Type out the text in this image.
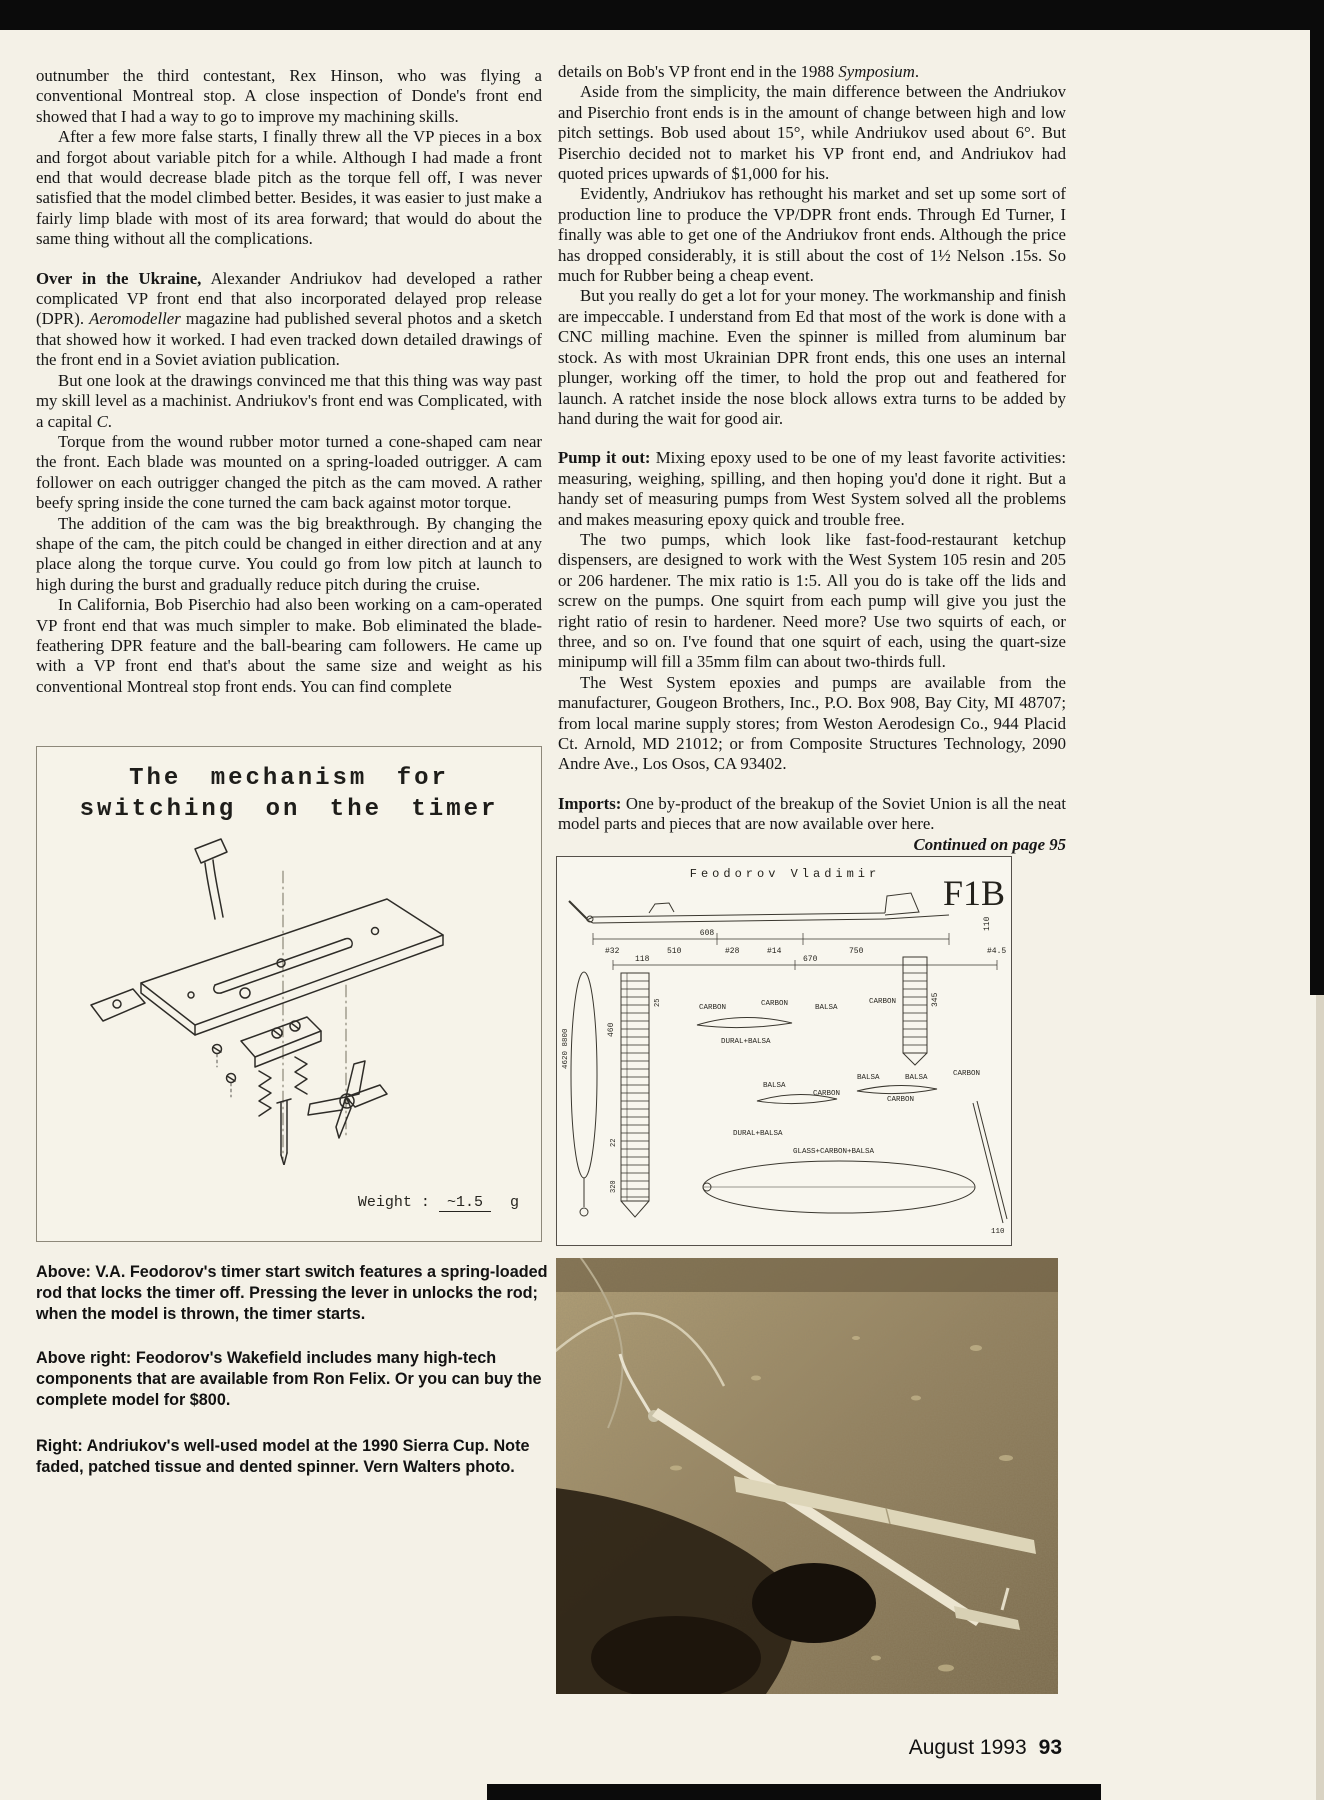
outnumber the third contestant, Rex Hinson, who was flying a conventional Montreal stop. A close inspection of Donde's front end showed that I had a way to go to improve my machining skills.

After a few more false starts, I finally threw all the VP pieces in a box and forgot about variable pitch for a while. Although I had made a front end that would decrease blade pitch as the torque fell off, I was never satisfied that the model climbed better. Besides, it was easier to just make a fairly limp blade with most of its area forward; that would do about the same thing without all the complications.

Over in the Ukraine, Alexander Andriukov had developed a rather complicated VP front end that also incorporated delayed prop release (DPR). Aeromodeller magazine had published several photos and a sketch that showed how it worked. I had even tracked down detailed drawings of the front end in a Soviet aviation publication.

But one look at the drawings convinced me that this thing was way past my skill level as a machinist. Andriukov's front end was Complicated, with a capital C.

Torque from the wound rubber motor turned a cone-shaped cam near the front. Each blade was mounted on a spring-loaded outrigger. A cam follower on each outrigger changed the pitch as the cam moved. A rather beefy spring inside the cone turned the cam back against motor torque.

The addition of the cam was the big breakthrough. By changing the shape of the cam, the pitch could be changed in either direction and at any place along the torque curve. You could go from low pitch at launch to high during the burst and gradually reduce pitch during the cruise.

In California, Bob Piserchio had also been working on a cam-operated VP front end that was much simpler to make. Bob eliminated the blade-feathering DPR feature and the ball-bearing cam followers. He came up with a VP front end that's about the same size and weight as his conventional Montreal stop front ends. You can find complete

details on Bob's VP front end in the 1988 Symposium.

Aside from the simplicity, the main difference between the Andriukov and Piserchio front ends is in the amount of change between high and low pitch settings. Bob used about 15°, while Andriukov used about 6°. But Piserchio decided not to market his VP front end, and Andriukov had quoted prices upwards of $1,000 for his.

Evidently, Andriukov has rethought his market and set up some sort of production line to produce the VP/DPR front ends. Through Ed Turner, I finally was able to get one of the Andriukov front ends. Although the price has dropped considerably, it is still about the cost of 1½ Nelson .15s. So much for Rubber being a cheap event.

But you really do get a lot for your money. The workmanship and finish are impeccable. I understand from Ed that most of the work is done with a CNC milling machine. Even the spinner is milled from aluminum bar stock. As with most Ukrainian DPR front ends, this one uses an internal plunger, working off the timer, to hold the prop out and feathered for launch. A ratchet inside the nose block allows extra turns to be added by hand during the wait for good air.

Pump it out: Mixing epoxy used to be one of my least favorite activities: measuring, weighing, spilling, and then hoping you'd done it right. But a handy set of measuring pumps from West System solved all the problems and makes measuring epoxy quick and trouble free.

The two pumps, which look like fast-food-restaurant ketchup dispensers, are designed to work with the West System 105 resin and 205 or 206 hardener. The mix ratio is 1:5. All you do is take off the lids and screw on the pumps. One squirt from each pump will give you just the right ratio of resin to hardener. Need more? Use two squirts of each, or three, and so on. I've found that one squirt of each, using the quart-size minipump will fill a 35mm film can about two-thirds full.

The West System epoxies and pumps are available from the manufacturer, Gougeon Brothers, Inc., P.O. Box 908, Bay City, MI 48707; from local marine supply stores; from Weston Aerodesign Co., 944 Placid Ct. Arnold, MD 21012; or from Composite Structures Technology, 2090 Andre Ave., Los Osos, CA 93402.

Imports: One by-product of the breakup of the Soviet Union is all the neat model parts and pieces that are now available over here.

Continued on page 95

The mechanism for
switching on the timer
Weight : ~1.5 g
Above: V.A. Feodorov's timer start switch features a spring-loaded rod that locks the timer off. Pressing the lever in unlocks the rod; when the model is thrown, the timer starts.
Above right: Feodorov's Wakefield includes many high-tech components that are available from Ron Felix. Or you can buy the complete model for $800.
Right: Andriukov's well-used model at the 1990 Sierra Cup. Note faded, patched tissue and dented spinner. Vern Walters photo.
Feodorov Vladimir F1B
608
#32	510	#28	#14	750	#4.5
118	670
110
4620 8800	460
25
22
320
345
110
CARBON	CARBON	BALSA
CARBON
DURAL+BALSA
BALSA
CARBON
BALSA	BALSA	CARBON
CARBON
DURAL+BALSA
GLASS+CARBON+BALSA
August 1993 93
